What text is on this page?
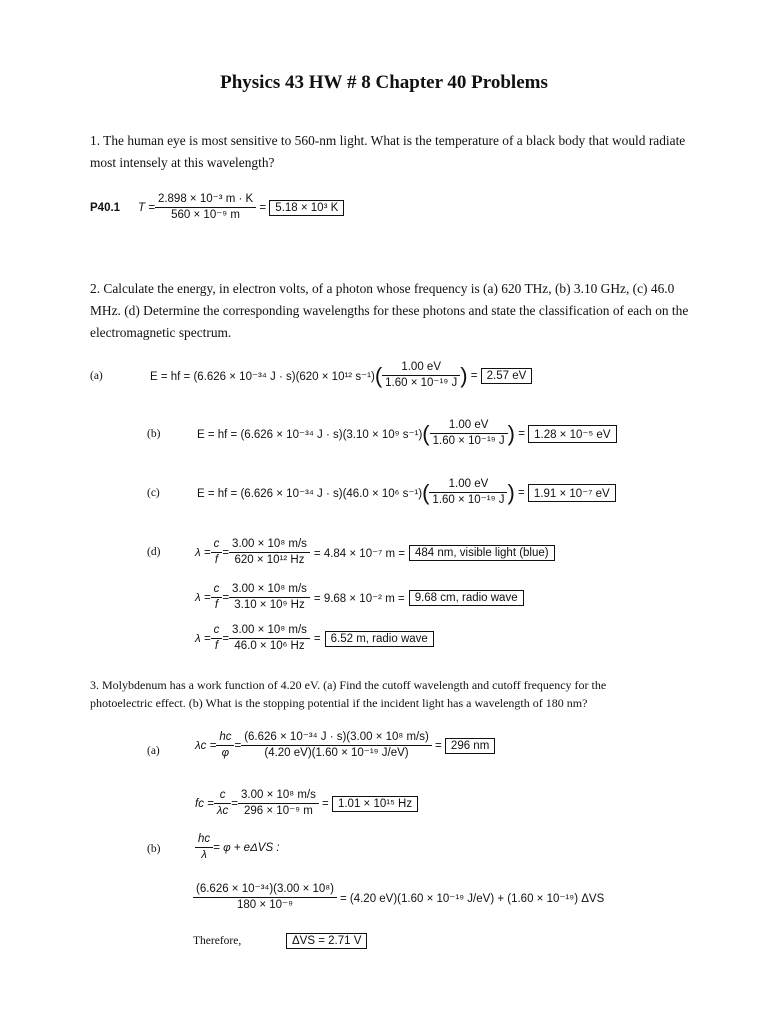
Physics 43 HW # 8 Chapter 40 Problems
1. The human eye is most sensitive to 560-nm light. What is the temperature of a black body that would radiate most intensely at this wavelength?
P40.1	$T = \frac{\text{2.898 × 10⁻³ m · K}}{\text{560 × 10⁻⁹ m}} = 5.18 \times 10^3$ K
2. Calculate the energy, in electron volts, of a photon whose frequency is (a) 620 THz, (b) 3.10 GHz, (c) 46.0 MHz. (d) Determine the corresponding wavelengths for these photons and state the classification of each on the electromagnetic spectrum.
(a)	E = hf = (6.626 × 10⁻³⁴ J · s)(620 × 10¹² s⁻¹) ( $\frac{1.00 eV}{\text{1.60 × 10⁻¹⁹ J}}$ ) = 2.57 eV
(b)	E = hf = (6.626 × 10⁻³⁴ J · s)(3.10 × 10⁹ s⁻¹) ( $\frac{1.00 eV}{\text{1.60 × 10⁻¹⁹ J}}$ ) = 1.28 × 10⁻⁵ eV
(c)	E = hf = (6.626 × 10⁻³⁴ J · s)(46.0 × 10⁶ s⁻¹) ( $\frac{1.00 eV}{\text{1.60 × 10⁻¹⁹ J}}$ ) = 1.91 × 10⁻⁷ eV
(d)	$\lambda = \frac{c}{f} = \frac{\text{3.00 × 10⁸ m/s}}{\text{620 × 10¹² Hz}} = 4.84 \times 10^{-7}$ m = 484 nm, visible light (blue)
$\lambda = \frac{c}{f} = \frac{\text{3.00 × 10⁸ m/s}}{\text{3.10 × 10⁹ Hz}} = 9.68 \times 10^{-2}$ m = 9.68 cm, radio wave
$\lambda = \frac{c}{f} = \frac{\text{3.00 × 10⁸ m/s}}{\text{46.0 × 10⁶ Hz}} = 6.52$ m, radio wave
3. Molybdenum has a work function of 4.20 eV. (a) Find the cutoff wavelength and cutoff frequency for the photoelectric effect. (b) What is the stopping potential if the incident light has a wavelength of 180 nm?
(a)	$\lambda c = \frac{hc}{\varphi} = \frac{\text{(6.626 × 10⁻³⁴ J · s)(3.00 × 10⁸ m/s)}}{\text{(4.20 eV)(1.60 × 10⁻¹⁹ J/eV)}} = 296$ nm
fc = $\frac{c}{\lambda c} = \frac{\text{3.00 × 10⁸ m/s}}{\text{296 × 10⁻⁹ m}} = 1.01 \times 10^{15}$ Hz
(b)	$\frac{hc}{\lambda} = \varphi + e\Delta VS$ :
$\frac{\text{(6.626 × 10⁻³⁴)(3.00 × 10⁸)}}{\text{180 × 10⁻⁹}} = (4.20$ eV)(1.60 × 10⁻¹⁹ J/eV) + (1.60 × 10⁻¹⁹) ΔVS
Therefore,	ΔVS = 2.71 V
